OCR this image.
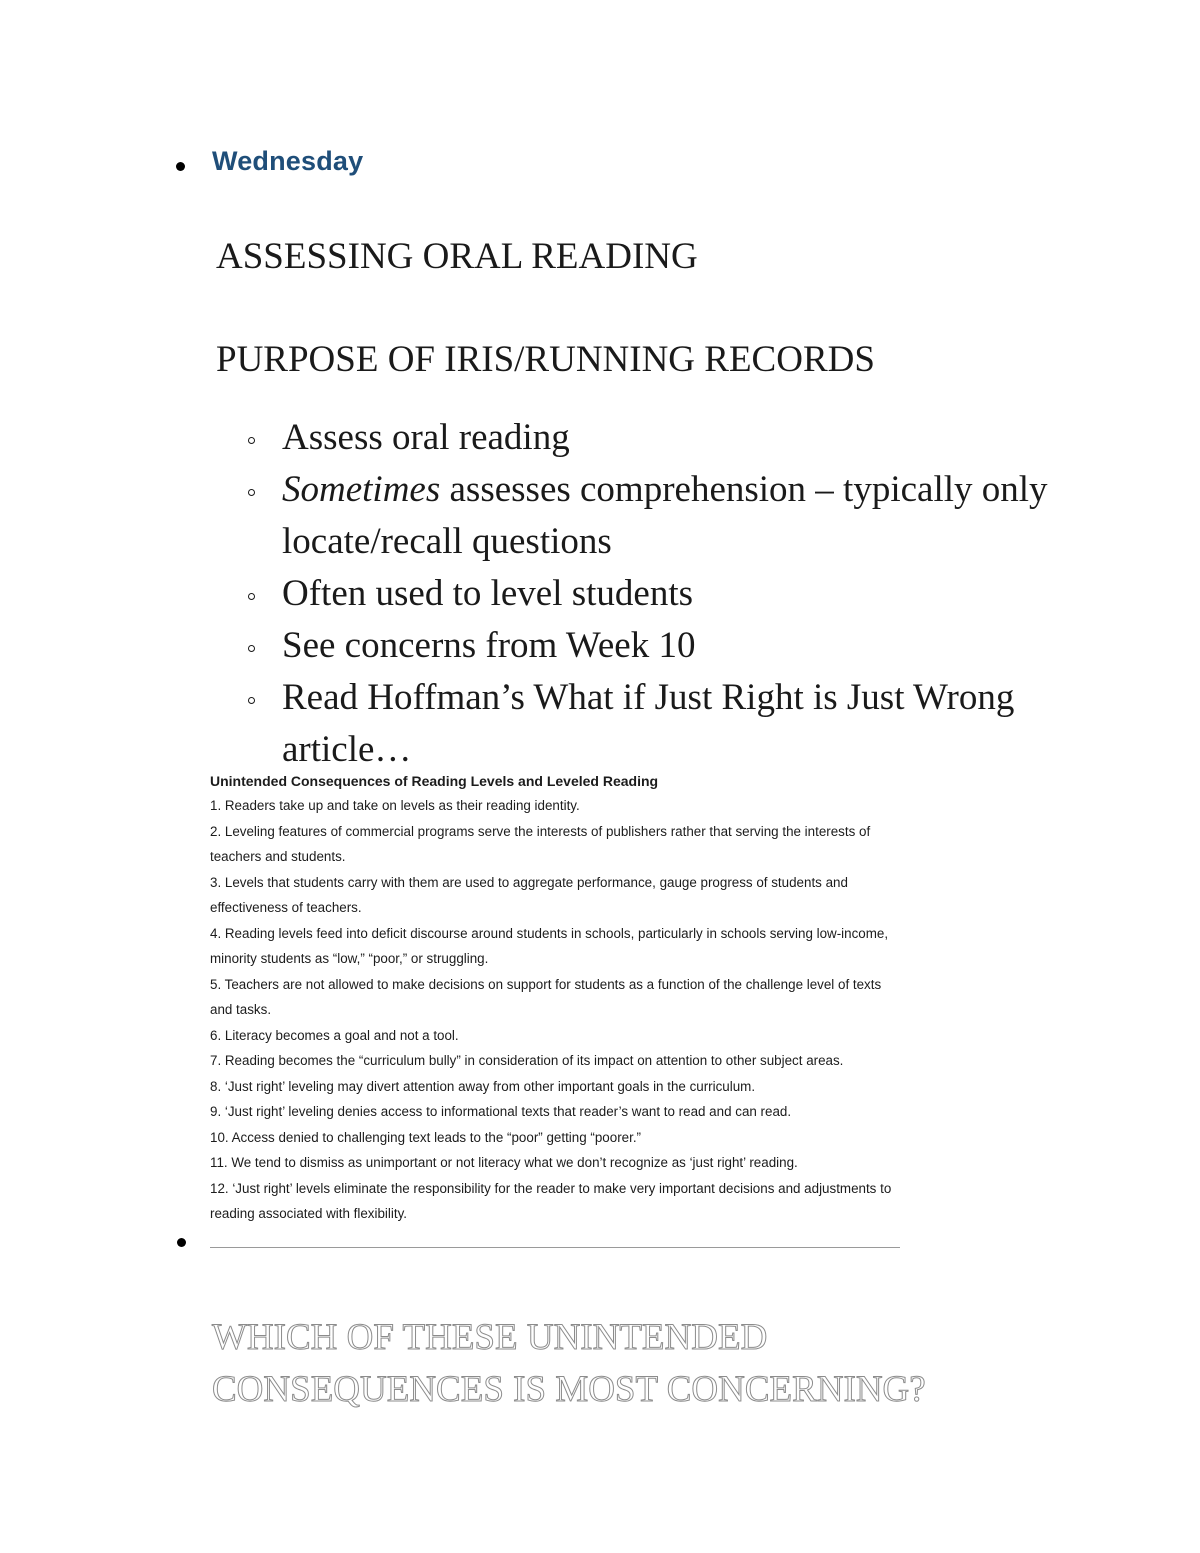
Wednesday
ASSESSING ORAL READING
PURPOSE OF IRIS/RUNNING RECORDS
Assess oral reading
Sometimes assesses comprehension – typically only locate/recall questions
Often used to level students
See concerns from Week 10
Read Hoffman’s What if Just Right is Just Wrong article…

Unintended Consequences of Reading Levels and Leveled Reading

1. Readers take up and take on levels as their reading identity.

2. Leveling features of commercial programs serve the interests of publishers rather that serving the interests of teachers and students.

3. Levels that students carry with them are used to aggregate performance, gauge progress of students and effectiveness of teachers.

4. Reading levels feed into deficit discourse around students in schools, particularly in schools serving low-income, minority students as “low,” “poor,” or struggling.

5. Teachers are not allowed to make decisions on support for students as a function of the challenge level of texts and tasks.

6. Literacy becomes a goal and not a tool.

7. Reading becomes the “curriculum bully” in consideration of its impact on attention to other subject areas.

8. ‘Just right’ leveling may divert attention away from other important goals in the curriculum.

9. ‘Just right’ leveling denies access to informational texts that reader’s want to read and can read.

10. Access denied to challenging text leads to the “poor” getting “poorer.”

11. We tend to dismiss as unimportant or not literacy what we don’t recognize as ‘just right’ reading.

12. ‘Just right’ levels eliminate the responsibility for the reader to make very important decisions and adjustments to reading associated with flexibility.

WHICH OF THESE UNINTENDED CONSEQUENCES IS MOST CONCERNING?
